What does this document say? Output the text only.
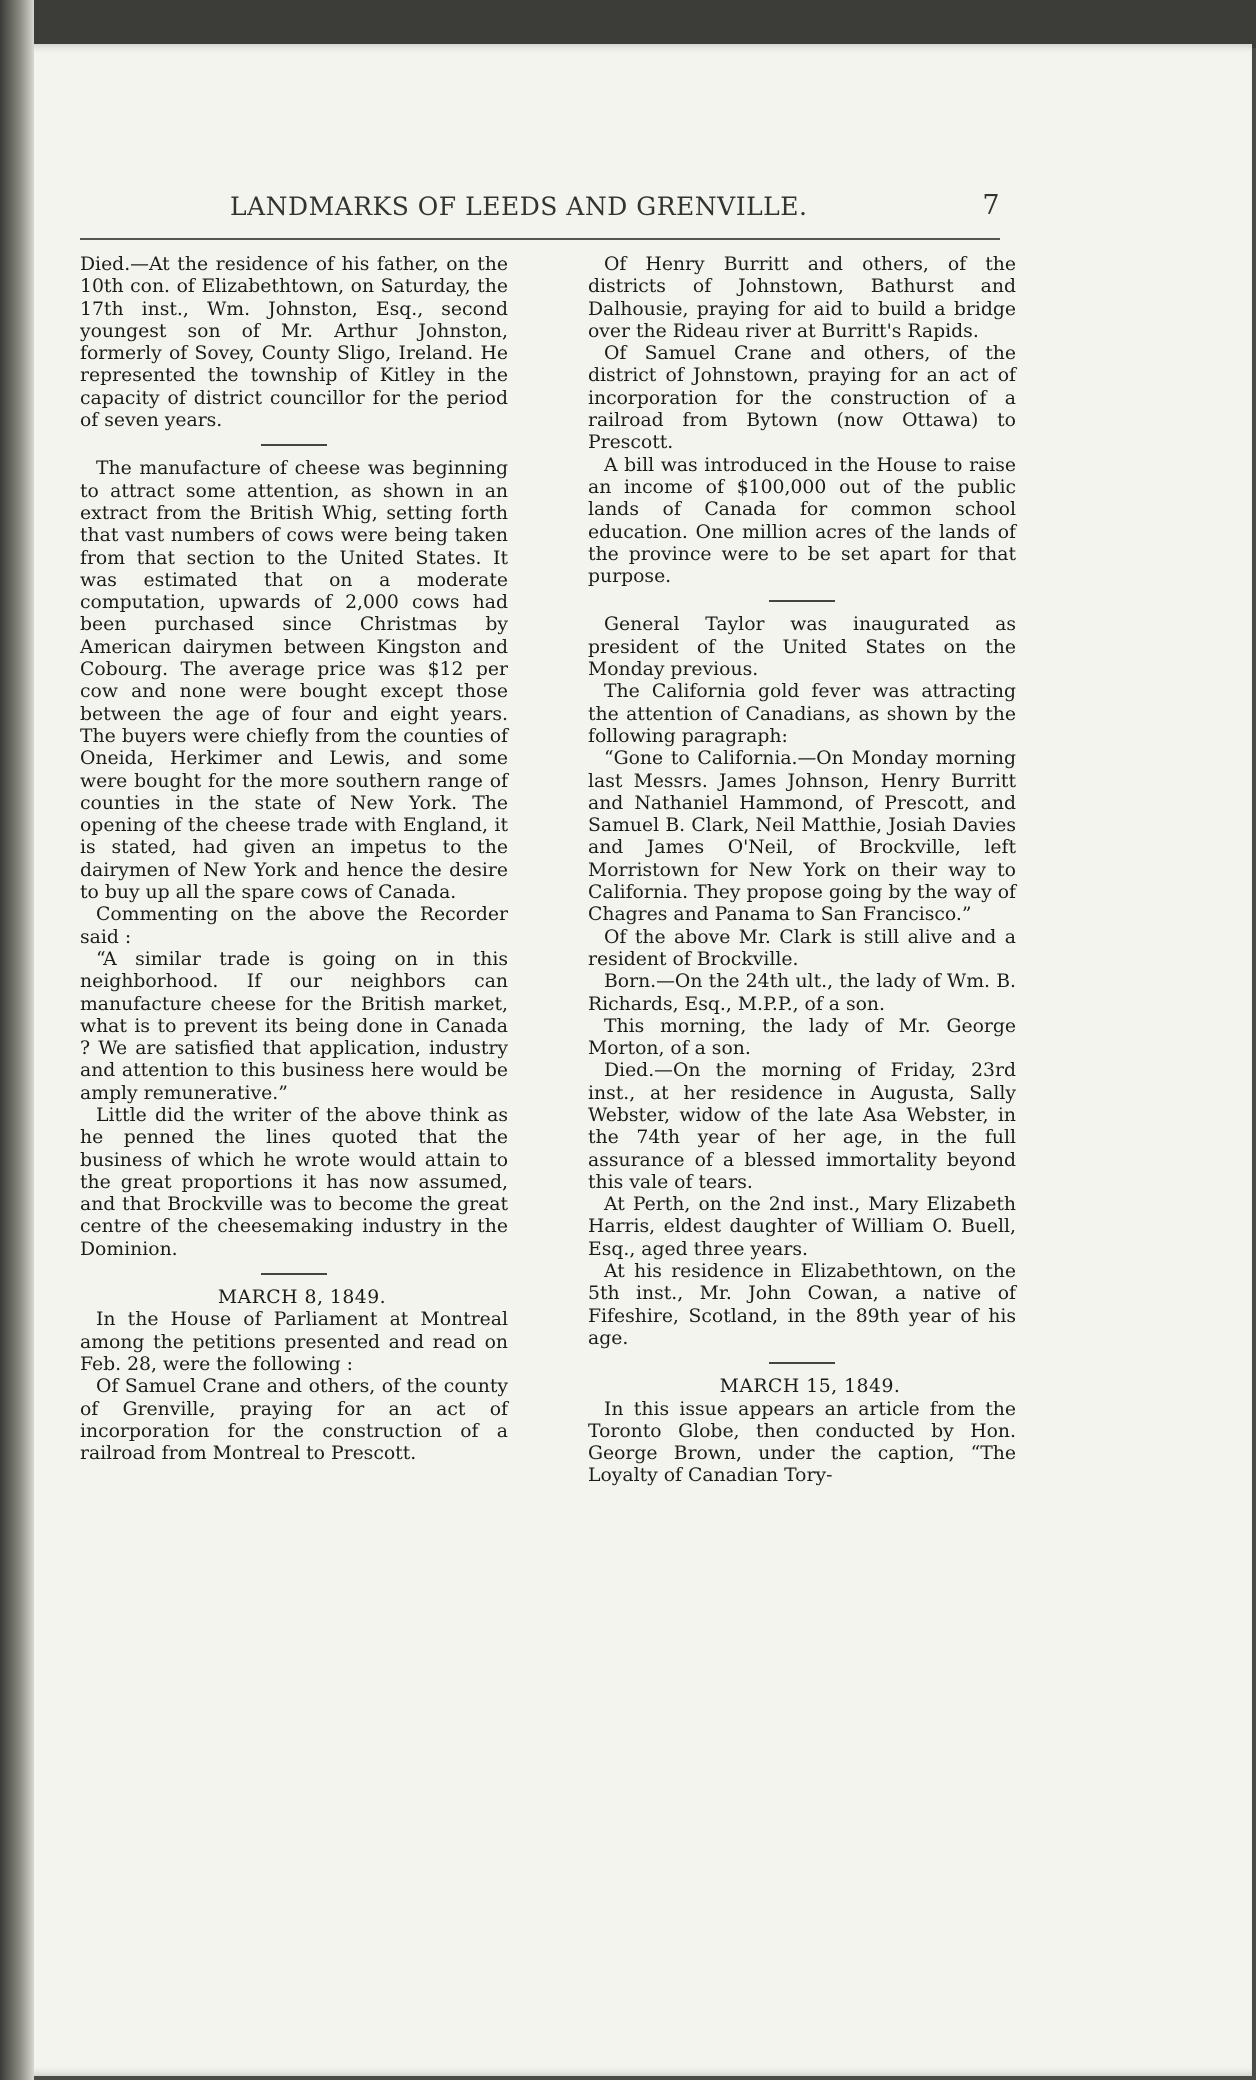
LANDMARKS OF LEEDS AND GRENVILLE.	7

Died.—At the residence of his father, on the 10th con. of Elizabethtown, on Saturday, the 17th inst., Wm. Johnston, Esq., second youngest son of Mr. Arthur Johnston, formerly of Sovey, County Sligo, Ireland. He represented the township of Kitley in the capacity of district councillor for the period of seven years.

The manufacture of cheese was beginning to attract some attention, as shown in an extract from the British Whig, setting forth that vast numbers of cows were being taken from that section to the United States. It was estimated that on a moderate computation, upwards of 2,000 cows had been purchased since Christmas by American dairymen between Kingston and Cobourg. The average price was $12 per cow and none were bought except those between the age of four and eight years. The buyers were chiefly from the counties of Oneida, Herkimer and Lewis, and some were bought for the more southern range of counties in the state of New York. The opening of the cheese trade with England, it is stated, had given an impetus to the dairymen of New York and hence the desire to buy up all the spare cows of Canada.

Commenting on the above the Recorder said :

“A similar trade is going on in this neighborhood. If our neighbors can manufacture cheese for the British market, what is to prevent its being done in Canada ? We are satisfied that application, industry and attention to this business here would be amply remunerative.”

Little did the writer of the above think as he penned the lines quoted that the business of which he wrote would attain to the great proportions it has now assumed, and that Brockville was to become the great centre of the cheesemaking industry in the Dominion.

MARCH 8, 1849.

In the House of Parliament at Montreal among the petitions presented and read on Feb. 28, were the following :

Of Samuel Crane and others, of the county of Grenville, praying for an act of incorporation for the construction of a railroad from Montreal to Prescott.

Of Henry Burritt and others, of the districts of Johnstown, Bathurst and Dalhousie, praying for aid to build a bridge over the Rideau river at Burritt's Rapids.

Of Samuel Crane and others, of the district of Johnstown, praying for an act of incorporation for the construction of a railroad from Bytown (now Ottawa) to Prescott.

A bill was introduced in the House to raise an income of $100,000 out of the public lands of Canada for common school education. One million acres of the lands of the province were to be set apart for that purpose.

General Taylor was inaugurated as president of the United States on the Monday previous.

The California gold fever was attracting the attention of Canadians, as shown by the following paragraph:

“Gone to California.—On Monday morning last Messrs. James Johnson, Henry Burritt and Nathaniel Hammond, of Prescott, and Samuel B. Clark, Neil Matthie, Josiah Davies and James O'Neil, of Brockville, left Morristown for New York on their way to California. They propose going by the way of Chagres and Panama to San Francisco.”

Of the above Mr. Clark is still alive and a resident of Brockville.

Born.—On the 24th ult., the lady of Wm. B. Richards, Esq., M.P.P., of a son.

This morning, the lady of Mr. George Morton, of a son.

Died.—On the morning of Friday, 23rd inst., at her residence in Augusta, Sally Webster, widow of the late Asa Webster, in the 74th year of her age, in the full assurance of a blessed immortality beyond this vale of tears.

At Perth, on the 2nd inst., Mary Elizabeth Harris, eldest daughter of William O. Buell, Esq., aged three years.

At his residence in Elizabethtown, on the 5th inst., Mr. John Cowan, a native of Fifeshire, Scotland, in the 89th year of his age.

MARCH 15, 1849.

In this issue appears an article from the Toronto Globe, then conducted by Hon. George Brown, under the caption, “The Loyalty of Canadian Tory-
